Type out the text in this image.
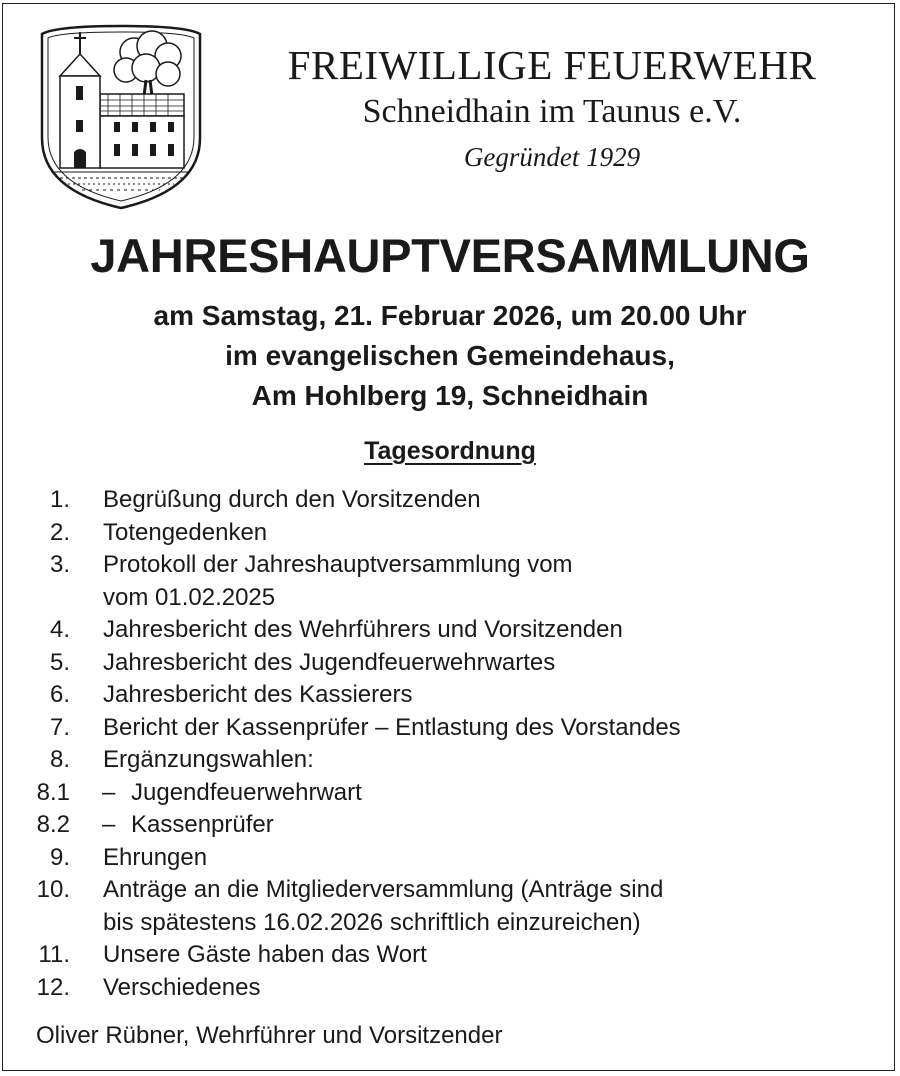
FREIWILLIGE FEUERWEHR
Schneidhain im Taunus e.V.
Gegründet 1929
JAHRESHAUPTVERSAMMLUNG
am Samstag, 21. Februar 2026, um 20.00 Uhr
im evangelischen Gemeindehaus,
Am Hohlberg 19, Schneidhain
Tagesordnung
1. Begrüßung durch den Vorsitzenden
2. Totengedenken
3. Protokoll der Jahreshauptversammlung vom
vom 01.02.2025
4. Jahresbericht des Wehrführers und Vorsitzenden
5. Jahresbericht des Jugendfeuerwehrwartes
6. Jahresbericht des Kassierers
7. Bericht der Kassenprüfer – Entlastung des Vorstandes
8. Ergänzungswahlen:
8.1 – Jugendfeuerwehrwart
8.2 – Kassenprüfer
9. Ehrungen
10. Anträge an die Mitgliederversammlung (Anträge sind
bis spätestens 16.02.2026 schriftlich einzureichen)
11. Unsere Gäste haben das Wort
12. Verschiedenes
Oliver Rübner, Wehrführer und Vorsitzender
